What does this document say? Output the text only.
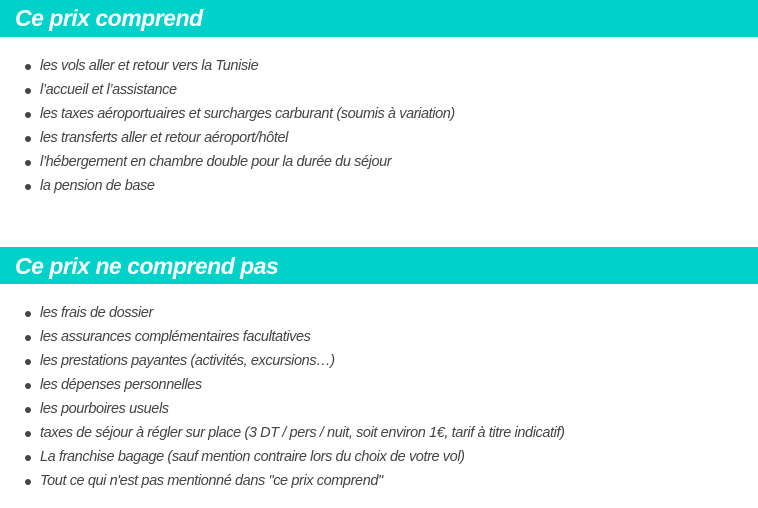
Ce prix comprend
les vols aller et retour vers la Tunisie
l’accueil et l’assistance
les taxes aéroportuaires et surcharges carburant (soumis à variation)
les transferts aller et retour aéroport/hôtel
l’hébergement en chambre double pour la durée du séjour
la pension de base
Ce prix ne comprend pas
les frais de dossier
les assurances complémentaires facultatives
les prestations payantes (activités, excursions…)
les dépenses personnelles
les pourboires usuels
taxes de séjour à régler sur place (3 DT / pers / nuit, soit environ 1€, tarif à titre indicatif)
La franchise bagage (sauf mention contraire lors du choix de votre vol)
Tout ce qui n'est pas mentionné dans "ce prix comprend"
